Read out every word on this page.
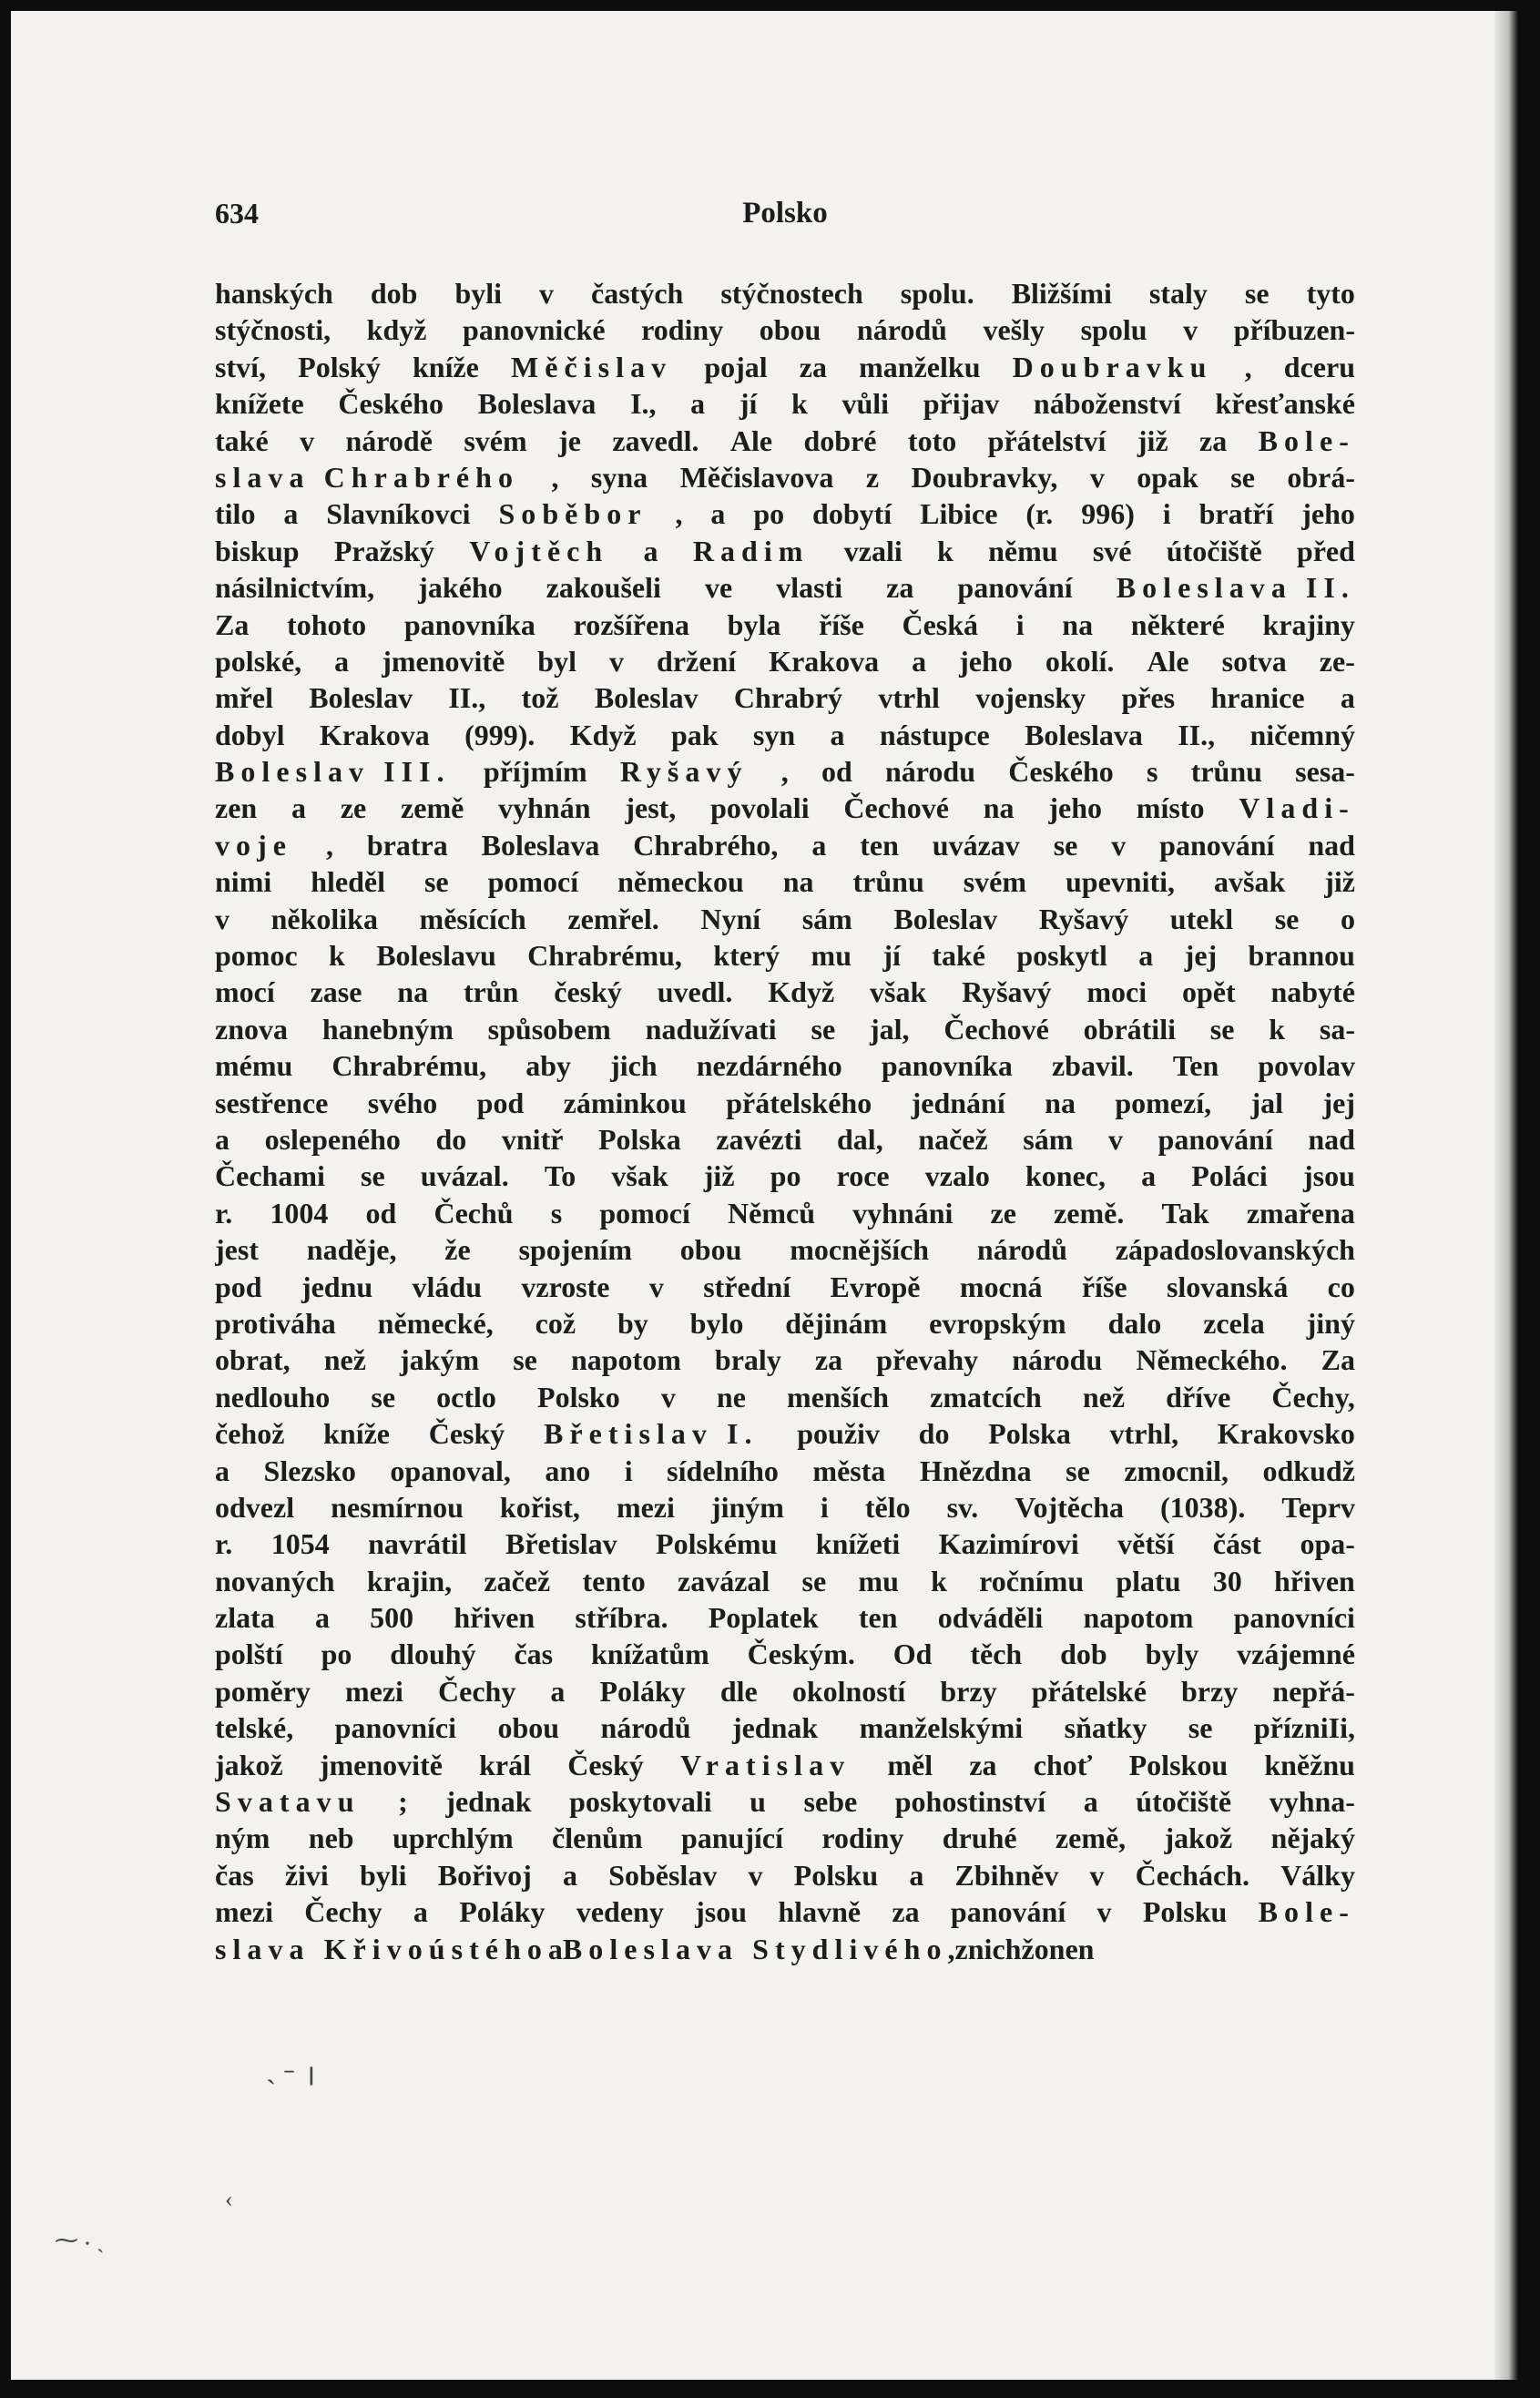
634	Polsko
hanských dob byli v častých stýčnostech spolu. Bližšími staly se tyto
stýčnosti, když panovnické rodiny obou národů vešly spolu v příbuzen-
ství, Polský kníže Měčislav pojal za manželku Doubravku , dceru
knížete Českého Boleslava I., a jí k vůli přijav náboženství křesťanské
také v národě svém je zavedl. Ale dobré toto přátelství již za Bole-
slava Chrabrého , syna Měčislavova z Doubravky, v opak se obrá-
tilo a Slavníkovci Soběbor , a po dobytí Libice (r. 996) i bratří jeho
biskup Pražský Vojtěch a Radim vzali k němu své útočiště před
násilnictvím, jakého zakoušeli ve vlasti za panování Boleslava II.
Za tohoto panovníka rozšířena byla říše Česká i na některé krajiny
polské, a jmenovitě byl v držení Krakova a jeho okolí. Ale sotva ze-
mřel Boleslav II., tož Boleslav Chrabrý vtrhl vojensky přes hranice a
dobyl Krakova (999). Když pak syn a nástupce Boleslava II., ničemný
Boleslav III. příjmím Ryšavý , od národu Českého s trůnu sesa-
zen a ze země vyhnán jest, povolali Čechové na jeho místo Vladi-
voje , bratra Boleslava Chrabrého, a ten uvázav se v panování nad
nimi hleděl se pomocí německou na trůnu svém upevniti, avšak již
v několika měsících zemřel. Nyní sám Boleslav Ryšavý utekl se o
pomoc k Boleslavu Chrabrému, který mu jí také poskytl a jej brannou
mocí zase na trůn český uvedl. Když však Ryšavý moci opět nabyté
znova hanebným spůsobem nadužívati se jal, Čechové obrátili se k sa-
mému Chrabrému, aby jich nezdárného panovníka zbavil. Ten povolav
sestřence svého pod záminkou přátelského jednání na pomezí, jal jej
a oslepeného do vnitř Polska zavézti dal, načež sám v panování nad
Čechami se uvázal. To však již po roce vzalo konec, a Poláci jsou
r. 1004 od Čechů s pomocí Němců vyhnáni ze země. Tak zmařena
jest naděje, že spojením obou mocnějších národů západoslovanských
pod jednu vládu vzroste v střední Evropě mocná říše slovanská co
protiváha německé, což by bylo dějinám evropským dalo zcela jiný
obrat, než jakým se napotom braly za převahy národu Německého. Za
nedlouho se octlo Polsko v ne menších zmatcích než dříve Čechy,
čehož kníže Český Břetislav I. použiv do Polska vtrhl, Krakovsko
a Slezsko opanoval, ano i sídelního města Hnězdna se zmocnil, odkudž
odvezl nesmírnou kořist, mezi jiným i tělo sv. Vojtěcha (1038). Teprv
r. 1054 navrátil Břetislav Polskému knížeti Kazimírovi větší část opa-
novaných krajin, začež tento zavázal se mu k ročnímu platu 30 hřiven
zlata a 500 hřiven stříbra. Poplatek ten odváděli napotom panovníci
polští po dlouhý čas knížatům Českým. Od těch dob byly vzájemné
poměry mezi Čechy a Poláky dle okolností brzy přátelské brzy nepřá-
telské, panovníci obou národů jednak manželskými sňatky se přízniIi,
jakož jmenovitě král Český Vratislav měl za choť Polskou kněžnu
Svatavu ; jednak poskytovali u sebe pohostinství a útočiště vyhna-
ným neb uprchlým členům panující rodiny druhé země, jakož nějaký
čas živi byli Bořivoj a Soběslav v Polsku a Zbihněv v Čechách. Války
mezi Čechy a Poláky vedeny jsou hlavně za panování v Polsku Bole-
slava Křivoústého a Boleslava Stydlivého , z nichž onen
ˎ ˗ ╷
‹
⁓ ⸳ ˏ
